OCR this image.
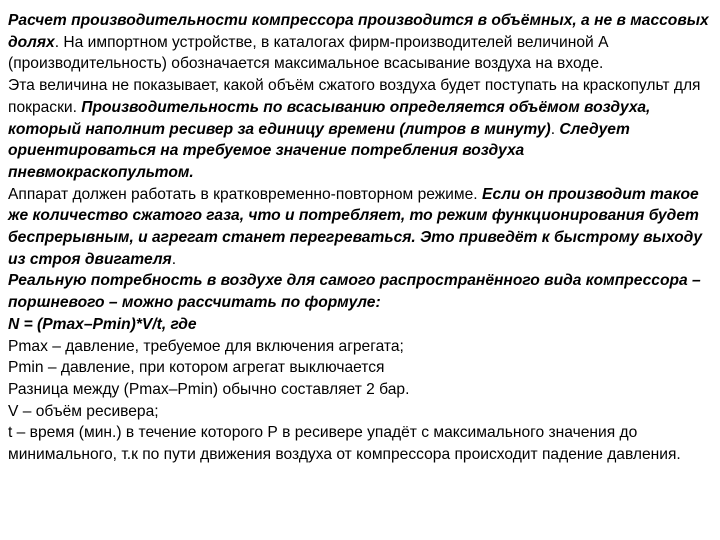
Расчет производительности компрессора производится в объёмных, а не в массовых долях. На импортном устройстве, в каталогах фирм-производителей величиной А (производительность) обозначается максимальное всасывание воздуха на входе.

Эта величина не показывает, какой объём сжатого воздуха будет поступать на краскопульт для покраски. Производительность по всасыванию определяется объёмом воздуха, который наполнит ресивер за единицу времени (литров в минуту). Следует ориентироваться на требуемое значение потребления воздуха пневмокраскопультом.

Аппарат должен работать в кратковременно-повторном режиме. Если он производит такое же количество сжатого газа, что и потребляет, то режим функционирования будет беспрерывным, и агрегат станет перегреваться. Это приведёт к быстрому выходу из строя двигателя.

Реальную потребность в воздухе для самого распространённого вида компрессора – поршневого – можно рассчитать по формуле:

N = (Pmax–Pmin)*V/t, где

Pmax – давление, требуемое для включения агрегата;

Pmin – давление, при котором агрегат выключается

Разница между (Pmax–Pmin) обычно составляет 2 бар.

V – объём ресивера;

t – время (мин.) в течение которого Р в ресивере упадёт с максимального значения до минимального, т.к по пути движения воздуха от компрессора происходит падение давления.
